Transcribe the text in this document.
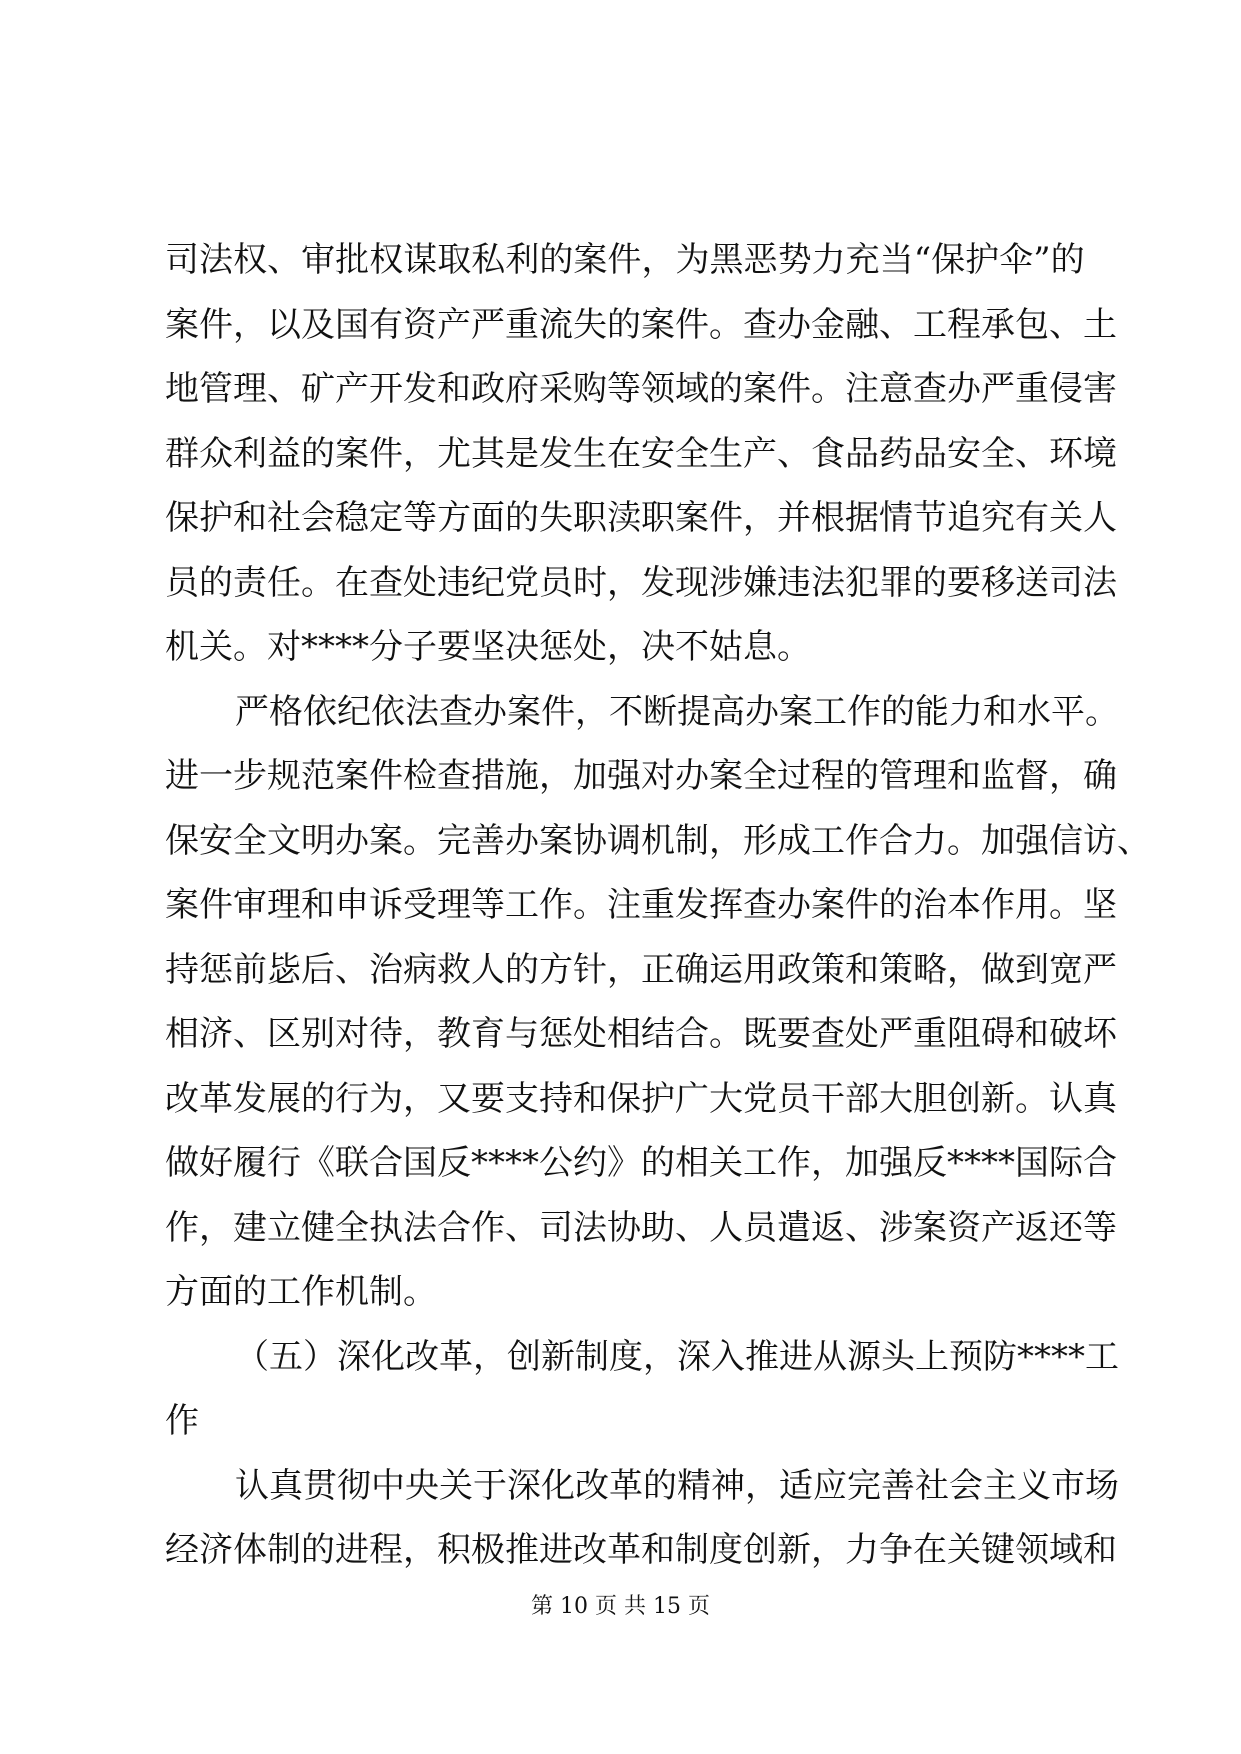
司 法 权 、 审 批 权 谋 取 私 利 的 案 件 ， 为 黑 恶 势 力 充 当 “ 保 护 伞 ” 的
案 件 ， 以 及 国 有 资 产 严 重 流 失 的 案 件 。 查 办 金 融 、 工 程 承 包 、 土
地 管 理 、 矿 产 开 发 和 政 府 采 购 等 领 域 的 案 件 。 注 意 查 办 严 重 侵 害
群 众 利 益 的 案 件 ， 尤 其 是 发 生 在 安 全 生 产 、 食 品 药 品 安 全 、 环 境
保 护 和 社 会 稳 定 等 方 面 的 失 职 渎 职 案 件 ， 并 根 据 情 节 追 究 有 关 人
员 的 责 任 。 在 查 处 违 纪 党 员 时 ， 发 现 涉 嫌 违 法 犯 罪 的 要 移 送 司 法
机关。对****分子要坚决惩处，决不姑息。
严 格 依 纪 依 法 查 办 案 件 ， 不 断 提 高 办 案 工 作 的 能 力 和 水 平 。
进 一 步 规 范 案 件 检 查 措 施 ， 加 强 对 办 案 全 过 程 的 管 理 和 监 督 ， 确
保 安 全 文 明 办 案 。 完 善 办 案 协 调 机 制 ， 形 成 工 作 合 力 。 加 强 信 访 、
案 件 审 理 和 申 诉 受 理 等 工 作 。 注 重 发 挥 查 办 案 件 的 治 本 作 用 。 坚
持 惩 前 毖 后 、 治 病 救 人 的 方 针 ， 正 确 运 用 政 策 和 策 略 ， 做 到 宽 严
相 济 、 区 别 对 待 ， 教 育 与 惩 处 相 结 合 。 既 要 查 处 严 重 阻 碍 和 破 坏
改 革 发 展 的 行 为 ， 又 要 支 持 和 保 护 广 大 党 员 干 部 大 胆 创 新 。 认 真
做 好 履 行 《 联 合 国 反 **** 公 约 》 的 相 关 工 作 ， 加 强 反 **** 国 际 合
作 ， 建 立 健 全 执 法 合 作 、 司 法 协 助 、 人 员 遣 返 、 涉 案 资 产 返 还 等
方面的工作机制。
（ 五 ） 深 化 改 革 ， 创 新 制 度 ， 深 入 推 进 从 源 头 上 预 防 **** 工
作
认 真 贯 彻 中 央 关 于 深 化 改 革 的 精 神 ， 适 应 完 善 社 会 主 义 市 场
经 济 体 制 的 进 程 ， 积 极 推 进 改 革 和 制 度 创 新 ， 力 争 在 关 键 领 域 和
第 10 页 共 15 页
